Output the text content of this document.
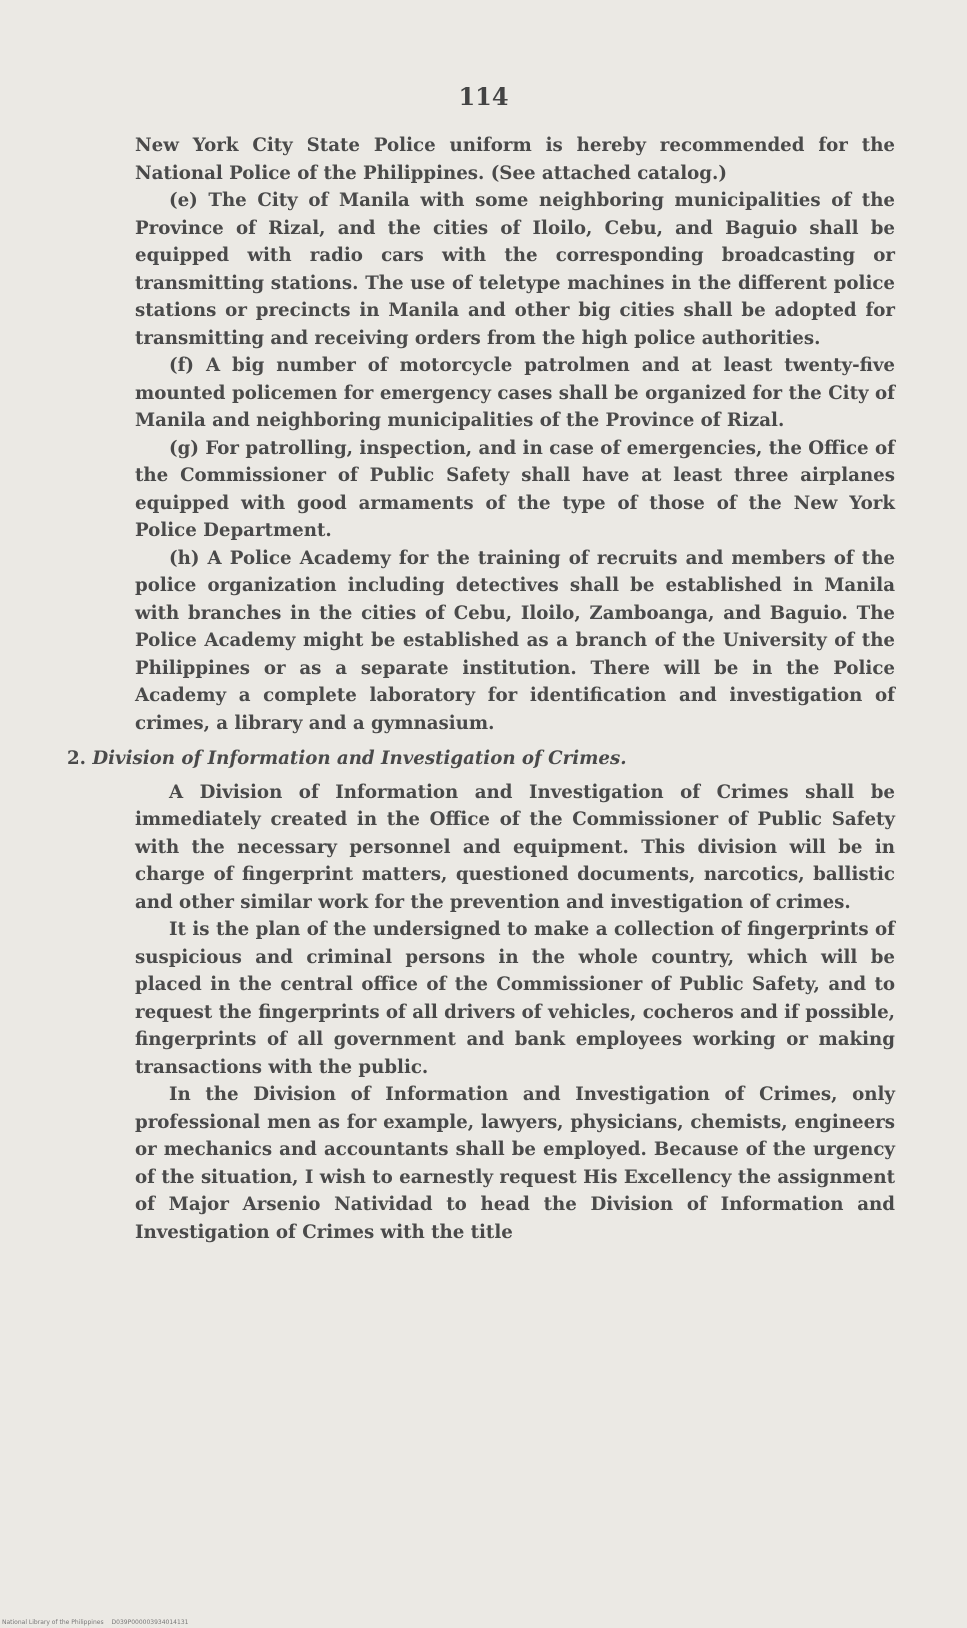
114

New York City State Police uniform is hereby recommended for the National Police of the Philippines. (See attached catalog.)

(e) The City of Manila with some neighboring municipalities of the Province of Rizal, and the cities of Iloilo, Cebu, and Baguio shall be equipped with radio cars with the corresponding broadcasting or transmitting stations. The use of teletype machines in the different police stations or precincts in Manila and other big cities shall be adopted for transmitting and receiving orders from the high police authorities.

(f) A big number of motorcycle patrolmen and at least twenty-five mounted policemen for emergency cases shall be organized for the City of Manila and neighboring municipalities of the Province of Rizal.

(g) For patrolling, inspection, and in case of emergencies, the Office of the Commissioner of Public Safety shall have at least three airplanes equipped with good armaments of the type of those of the New York Police Department.

(h) A Police Academy for the training of recruits and members of the police organization including detectives shall be established in Manila with branches in the cities of Cebu, Iloilo, Zamboanga, and Baguio. The Police Academy might be established as a branch of the University of the Philippines or as a separate institution. There will be in the Police Academy a complete laboratory for identification and investigation of crimes, a library and a gymnasium.

2. Division of Information and Investigation of Crimes.

A Division of Information and Investigation of Crimes shall be immediately created in the Office of the Commissioner of Public Safety with the necessary personnel and equipment. This division will be in charge of fingerprint matters, questioned documents, narcotics, ballistic and other similar work for the prevention and investigation of crimes.

It is the plan of the undersigned to make a collection of fingerprints of suspicious and criminal persons in the whole country, which will be placed in the central office of the Commissioner of Public Safety, and to request the fingerprints of all drivers of vehicles, cocheros and if possible, fingerprints of all government and bank employees working or making transactions with the public.

In the Division of Information and Investigation of Crimes, only professional men as for example, lawyers, physicians, chemists, engineers or mechanics and accountants shall be employed. Because of the urgency of the situation, I wish to earnestly request His Excellency the assignment of Major Arsenio Natividad to head the Division of Information and Investigation of Crimes with the title

National Library of the Philippines D039P000003934014131
